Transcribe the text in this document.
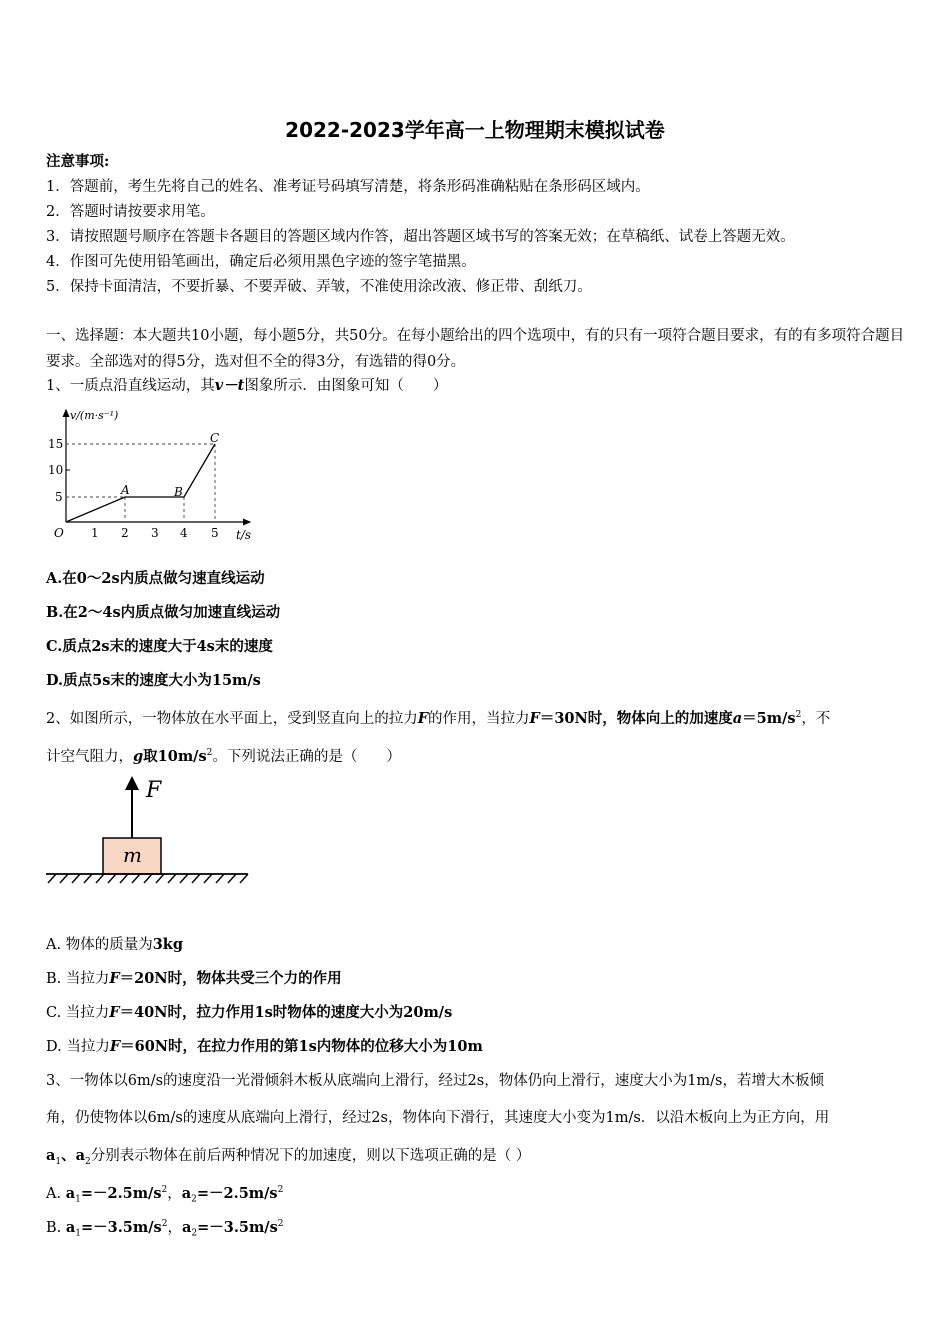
2022-2023学年高一上物理期末模拟试卷
注意事项:
1．答题前，考生先将自己的姓名、准考证号码填写清楚，将条形码准确粘贴在条形码区域内。
2．答题时请按要求用笔。
3．请按照题号顺序在答题卡各题目的答题区域内作答，超出答题区域书写的答案无效；在草稿纸、试卷上答题无效。
4．作图可先使用铅笔画出，确定后必须用黑色字迹的签字笔描黑。
5．保持卡面清洁，不要折暴、不要弄破、弄皱，不准使用涂改液、修正带、刮纸刀。
一、选择题：本大题共10小题，每小题5分，共50分。在每小题给出的四个选项中，有的只有一项符合题目要求，有的有多项符合题目要求。全部选对的得5分，选对但不全的得3分，有选错的得0分。
1、一质点沿直线运动，其v－t图象所示．由图象可知（　　）
v/(m·s⁻¹)
15
10
5
O 1 2 3 4 5 t/s
A	B
C
A.在0～2s内质点做匀速直线运动
B.在2～4s内质点做匀加速直线运动
C.质点2s末的速度大于4s末的速度
D.质点5s末的速度大小为15m/s
2、如图所示，一物体放在水平面上，受到竖直向上的拉力F的作用，当拉力F＝30N时，物体向上的加速度$a=5m/s^2$，不
计空气阻力，g取$10m/s^2$。下列说法正确的是（　　）
F
m
A. 物体的质量为3kg
B. 当拉力F＝20N时，物体共受三个力的作用
C. 当拉力F＝40N时，拉力作用1s时物体的速度大小为20m/s
D. 当拉力F＝60N时，在拉力作用的第1s内物体的位移大小为10m
3、一物体以6m/s的速度沿一光滑倾斜木板从底端向上滑行，经过2s，物体仍向上滑行，速度大小为1m/s，若增大木板倾
角，仍使物体以6m/s的速度从底端向上滑行，经过2s，物体向下滑行，其速度大小变为1m/s．以沿木板向上为正方向，用
$a_1$、$a_2$分别表示物体在前后两种情况下的加速度，则以下选项正确的是（ ）
A. $a_1=-2.5m/s^2$，$a_2=-2.5m/s^2$
B. $a_1=-3.5m/s^2$，$a_2=-3.5m/s^2$
